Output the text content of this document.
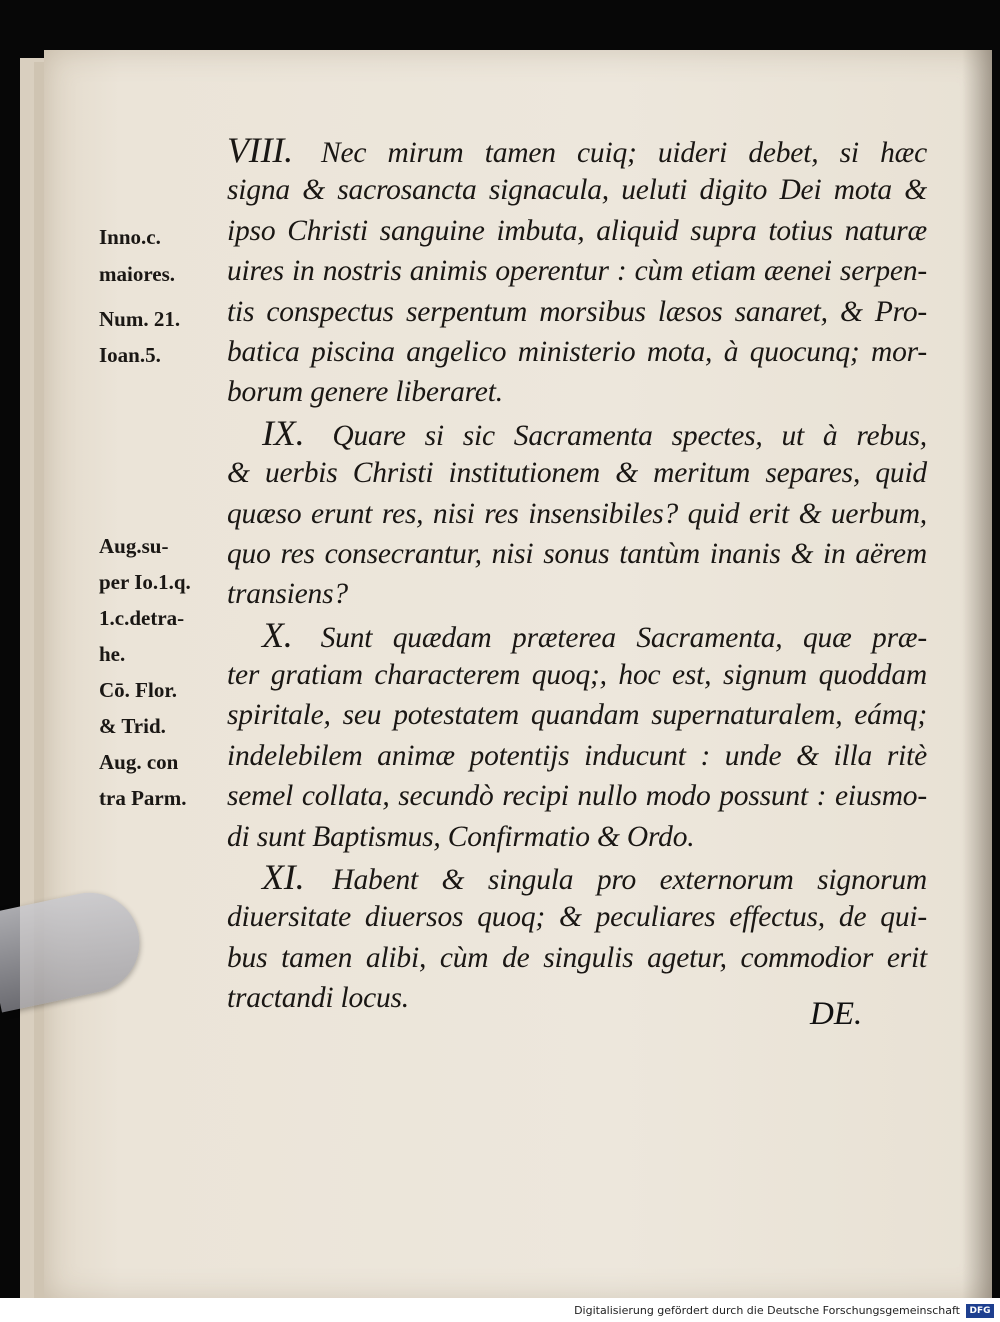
VIII. Nec mirum tamen cuiq; uideri debet, si hæc
signa & sacrosancta signacula, ueluti digito Dei mota &
ipso Christi sanguine imbuta, aliquid supra totius naturæ
uires in nostris animis operentur : cùm etiam æenei serpen-
tis conspectus serpentum morsibus læsos sanaret, & Pro-
batica piscina angelico ministerio mota, à quocunq; mor-
borum genere liberaret.
IX. Quare si sic Sacramenta spectes, ut à rebus,
& uerbis Christi institutionem & meritum separes, quid
quæso erunt res, nisi res insensibiles? quid erit & uerbum,
quo res consecrantur, nisi sonus tantùm inanis & in aërem
transiens?
X. Sunt quædam præterea Sacramenta, quæ præ-
ter gratiam characterem quoq;, hoc est, signum quoddam
spiritale, seu potestatem quandam supernaturalem, eámq;
indelebilem animæ potentijs inducunt : unde & illa ritè
semel collata, secundò recipi nullo modo possunt : eiusmo-
di sunt Baptismus, Confirmatio & Ordo.
XI. Habent & singula pro externorum signorum
diuersitate diuersos quoq; & peculiares effectus, de qui-
bus tamen alibi, cùm de singulis agetur, commodior erit
tractandi locus.
Inno.c.
maiores.
Num. 21.
Ioan.5.
Aug.su-
per Io.1.q.
1.c.detra-
he.
Cō. Flor.
& Trid.
Aug. con
tra Parm.
DE.
Digitalisierung gefördert durch die Deutsche Forschungsgemeinschaft	DFG
